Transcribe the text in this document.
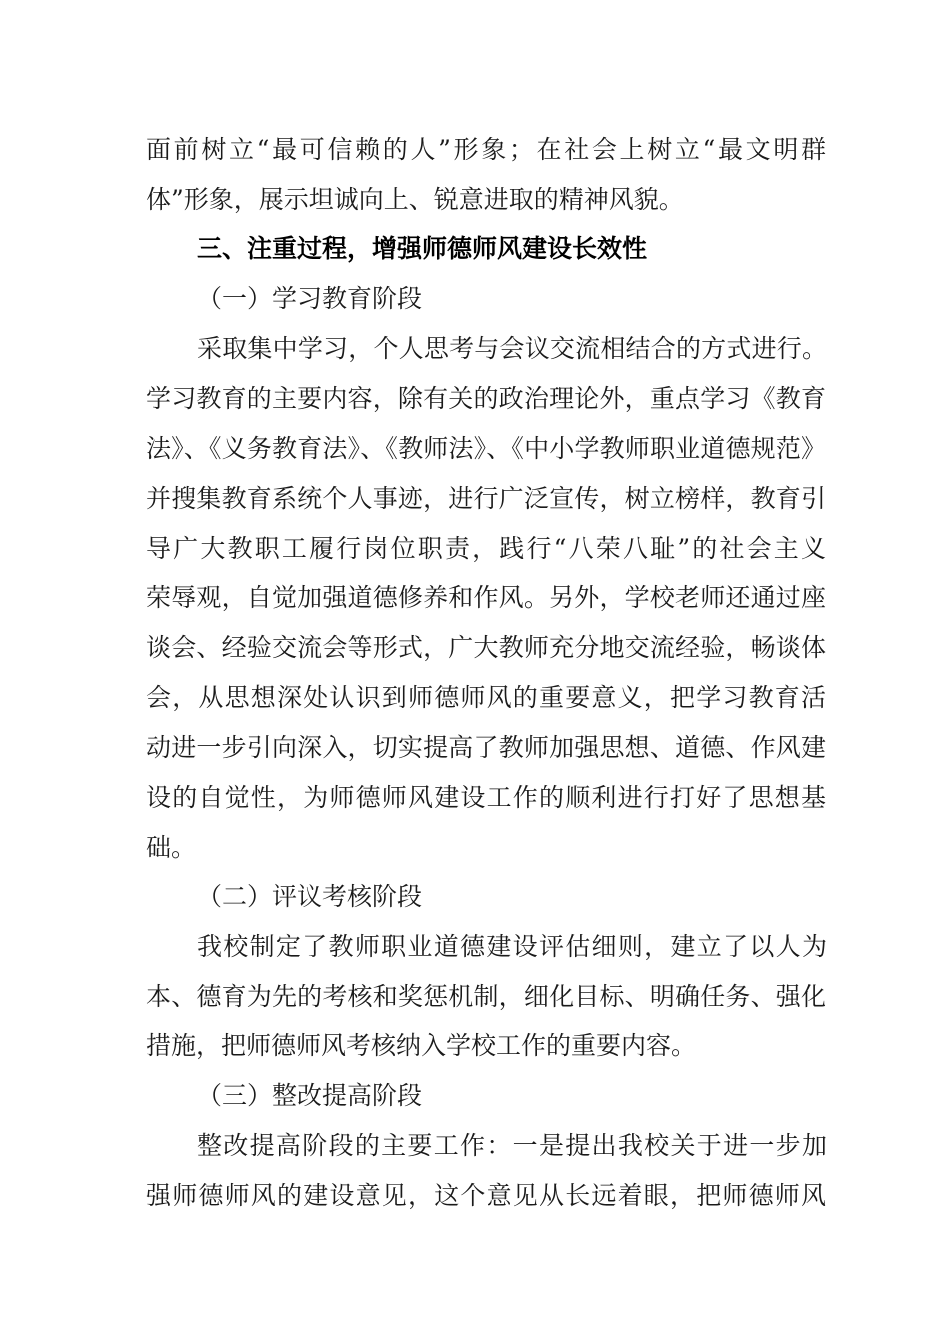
面前树立“最可信赖的人”形象；在社会上树立“最文明群
体”形象，展示坦诚向上、锐意进取的精神风貌。
三、注重过程，增强师德师风建设长效性
（一）学习教育阶段
采取集中学习，个人思考与会议交流相结合的方式进行。
学习教育的主要内容，除有关的政治理论外，重点学习《教育
法》、《义务教育法》、《教师法》、《中小学教师职业道德规范》
并搜集教育系统个人事迹，进行广泛宣传，树立榜样，教育引
导广大教职工履行岗位职责，践行“八荣八耻”的社会主义
荣辱观，自觉加强道德修养和作风。另外，学校老师还通过座
谈会、经验交流会等形式，广大教师充分地交流经验，畅谈体
会，从思想深处认识到师德师风的重要意义，把学习教育活
动进一步引向深入，切实提高了教师加强思想、道德、作风建
设的自觉性，为师德师风建设工作的顺利进行打好了思想基
础。
（二）评议考核阶段
我校制定了教师职业道德建设评估细则，建立了以人为
本、德育为先的考核和奖惩机制，细化目标、明确任务、强化
措施，把师德师风考核纳入学校工作的重要内容。
（三）整改提高阶段
整改提高阶段的主要工作：一是提出我校关于进一步加
强师德师风的建设意见，这个意见从长远着眼，把师德师风
